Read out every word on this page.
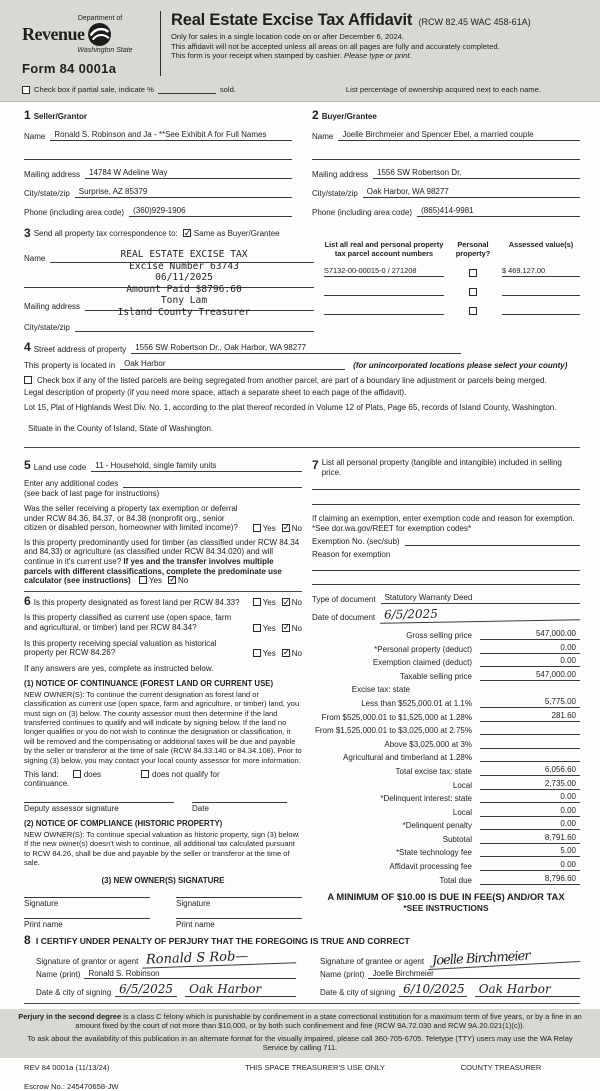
Department of
Revenue
Washington State
Form 84 0001a
Real Estate Excise Tax Affidavit (RCW 82.45 WAC 458-61A)
Only for sales in a single location code on or after December 6, 2024.
This affidavit will not be accepted unless all areas on all pages are fully and accurately completed.
This form is your receipt when stamped by cashier. Please type or print.
Check box if partial sale, indicate %	sold.	List percentage of ownership acquired next to each name.
1 Seller/Grantor
Name	Ronald S. Robinson and Ja - **See Exhibit A for Full Names
Mailing address	14784 W Adeline Way
City/state/zip	Surprise, AZ 85379
Phone (including area code)	(360)929-1906
2 Buyer/Grantee
Name	Joelle Birchmeier and Spencer Ebel, a married couple
Mailing address	1556 SW Robertson Dr.
City/state/zip	Oak Harbor, WA 98277
Phone (including area code)	(865)414-9981
3 Send all property tax correspondence to: ✓ Same as Buyer/Grantee
REAL ESTATE EXCISE TAX
Excise Number 63743
06/11/2025
Amount Paid $8796.60
Tony Lam
Island County Treasurer
Name
Mailing address
City/state/zip
List all real and personal property tax parcel account numbers
Personal property?
Assessed value(s)
S7132-00-00015-0 / 271208	$ 469,127.00
4 Street address of property	1556 SW Robertson Dr., Oak Harbor, WA 98277
This property is located in	Oak Harbor	(for unincorporated locations please select your county)
Check box if any of the listed parcels are being segregated from another parcel, are part of a boundary line adjustment or parcels being merged.
Legal description of property (if you need more space, attach a separate sheet to each page of the affidavit).
Lot 15, Plat of Highlands West Div. No. 1, according to the plat thereof recorded in Volume 12 of Plats, Page 65, records of Island County, Washington.
Situate in the County of Island, State of Washington.
5 Land use code	11 - Household, single family units
Enter any additional codes
(see back of last page for instructions)
Was the seller receiving a property tax exemption or deferral under RCW 84.36, 84.37, or 84.38 (nonprofit org., senior citizen or disabled person, homeowner with limited income)?	Yes ✓ No
Is this property predominantly used for timber (as classified under RCW 84.34 and 84.33) or agriculture (as classified under RCW 84.34.020) and will continue in it's current use? If yes and the transfer involves multiple parcels with different classifications, complete the predominate use calculator (see instructions) Yes ✓ No
6 Is this property designated as forest land per RCW 84.33?	Yes ✓ No
Is this property classified as current use (open space, farm and agricultural, or timber) land per RCW 84.34?	Yes ✓ No
Is this property receiving special valuation as historical property per RCW 84.26?	Yes ✓ No
If any answers are yes, complete as instructed below.
(1) NOTICE OF CONTINUANCE (FOREST LAND OR CURRENT USE)
NEW OWNER(S): To continue the current designation as forest land or classification as current use (open space, farm and agriculture, or timber) land, you must sign on (3) below. The county assessor must then determine if the land transferred continues to qualify and will indicate by signing below. If the land no longer qualifies or you do not wish to continue the designation or classification, it will be removed and the compensating or additional taxes will be due and payable by the seller or transferor at the time of sale (RCW 84.33.140 or 84.34.108). Prior to signing (3) below, you may contact your local county assessor for more information.
This land:	does	does not qualify for
continuance.
Deputy assessor signature	Date
(2) NOTICE OF COMPLIANCE (HISTORIC PROPERTY)
NEW OWNER(S): To continue special valuation as historic property, sign (3) below. If the new owner(s) doesn't wish to continue, all additional tax calculated pursuant to RCW 84.26, shall be due and payable by the seller or transferor at the time of sale.
(3) NEW OWNER(S) SIGNATURE
Signature	Signature
Print name	Print name
7 List all personal property (tangible and intangible) included in selling price.

If claiming an exemption, enter exemption code and reason for exemption. *See dor.wa.gov/REET for exemption codes*
Exemption No. (sec/sub)
Reason for exemption

Type of document	Statutory Warranty Deed
Date of document 6/5/2025
Gross selling price	547,000.00
*Personal property (deduct)	0.00
Exemption claimed (deduct)	0.00
Taxable selling price	547,000.00
Excise tax: state
Less than $525,000.01 at 1.1%	5,775.00
From $525,000.01 to $1,525,000 at 1.28%	281.60
From $1,525,000.01 to $3,025,000 at 2.75%
Above $3,025,000 at 3%
Agricultural and timberland at 1.28%
Total excise tax: state	6,056.60
Local	2,735.00
*Delinquent interest: state	0.00
Local	0.00
*Delinquent penalty	0.00
Subtotal	8,791.60
*State technology fee	5.00
Affidavit processing fee	0.00
Total due	8,796.60
A MINIMUM OF $10.00 IS DUE IN FEE(S) AND/OR TAX
*SEE INSTRUCTIONS
8 I CERTIFY UNDER PENALTY OF PERJURY THAT THE FOREGOING IS TRUE AND CORRECT
Signature of grantor or agent Ronald S Rob—
Name (print)	Ronald S. Robinson
Date & city of signing 6/5/2025	Oak Harbor
Signature of grantee or agent Joelle Birchmeier
Name (print)	Joelle Birchmeier
Date & city of signing 6/10/2025	Oak Harbor
Perjury in the second degree is a class C felony which is punishable by confinement in a state correctional institution for a maximum term of five years, or by a fine in an amount fixed by the court of not more than $10,000, or by both such confinement and fine (RCW 9A.72.030 and RCW 9A.20.021(1)(c)).
To ask about the availability of this publication in an alternate format for the visually impaired, please call 360-705-6705. Teletype (TTY) users may use the WA Relay Service by calling 711.
REV 84 0001a (11/13/24)	THIS SPACE TREASURER'S USE ONLY	COUNTY TREASURER
Escrow No.: 245470658-JW
